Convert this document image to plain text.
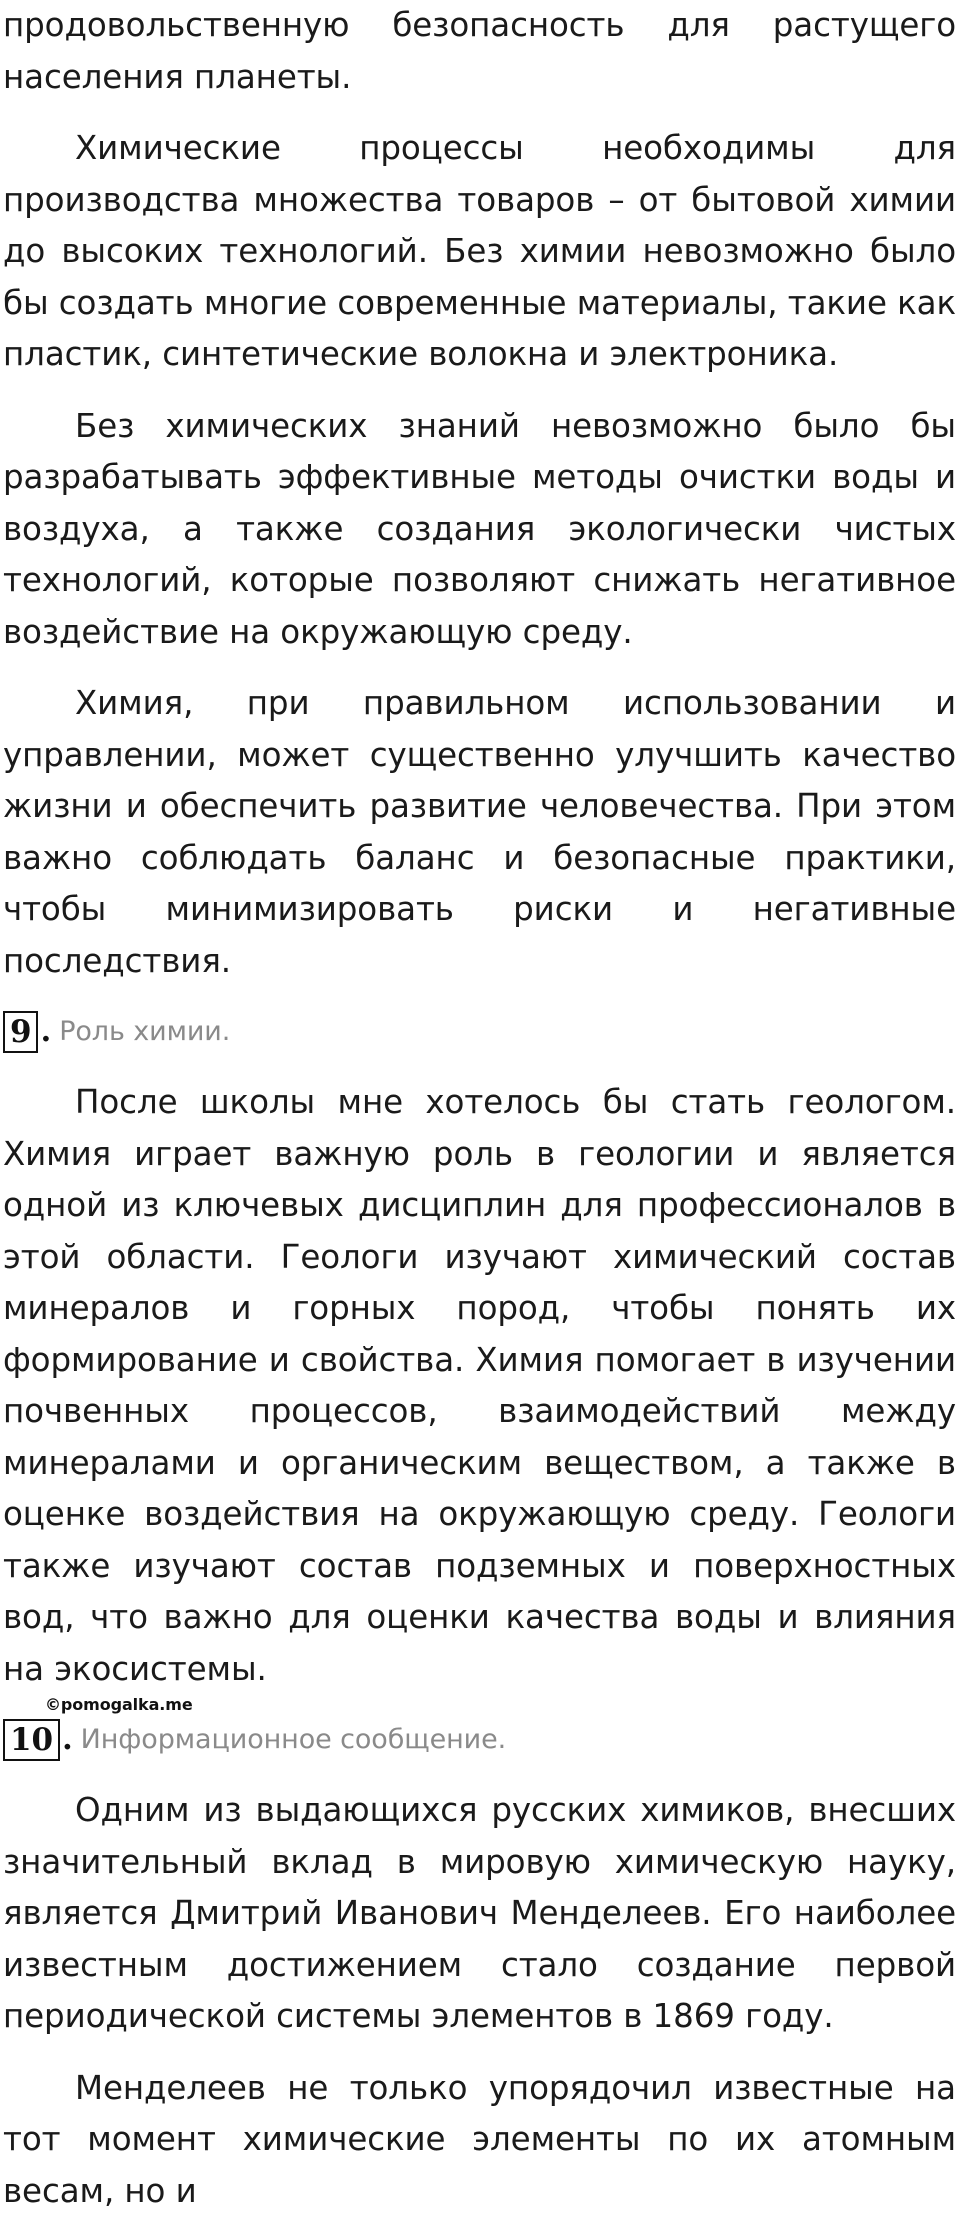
продовольственную безопасность для растущего населения планеты.

Химические процессы необходимы для производства множества товаров – от бытовой химии до высоких технологий. Без химии невозможно было бы создать многие современные материалы, такие как пластик, синтетические волокна и электроника.

Без химических знаний невозможно было бы разрабатывать эффективные методы очистки воды и воздуха, а также создания экологически чистых технологий, которые позволяют снижать негативное воздействие на окружающую среду.

Химия, при правильном использовании и управлении, может существенно улучшить качество жизни и обеспечить развитие человечества. При этом важно соблюдать баланс и безопасные практики, чтобы минимизировать риски и негативные последствия.

9 . Роль химии.

После школы мне хотелось бы стать геологом. Химия играет важную роль в геологии и является одной из ключевых дисциплин для профессионалов в этой области. Геологи изучают химический состав минералов и горных пород, чтобы понять их формирование и свойства. Химия помогает в изучении почвенных процессов, взаимодействий между минералами и органическим веществом, а также в оценке воздействия на окружающую среду. Геологи также изучают состав подземных и поверхностных вод, что важно для оценки качества воды и влияния на экосистемы.

©pomogalka.me
10 . Информационное сообщение.

Одним из выдающихся русских химиков, внесших значительный вклад в мировую химическую науку, является Дмитрий Иванович Менделеев. Его наиболее известным достижением стало создание первой периодической системы элементов в 1869 году.

Менделеев не только упорядочил известные на тот момент химические элементы по их атомным весам, но и
